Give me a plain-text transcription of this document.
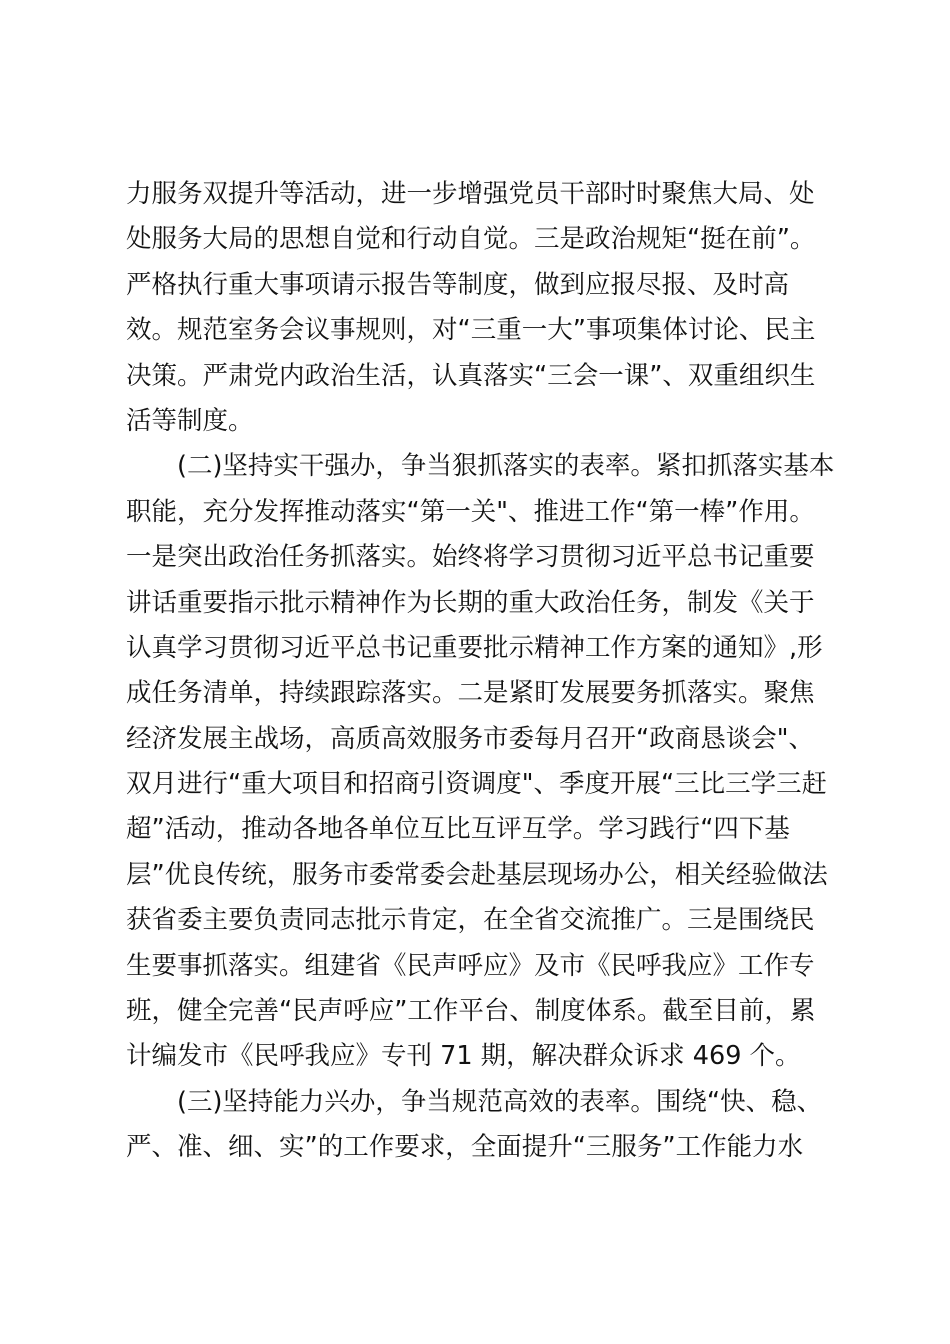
力服务双提升等活动，进一步增强党员干部时时聚焦大局、处
处服务大局的思想自觉和行动自觉。三是政治规矩“挺在前”。
严格执行重大事项请示报告等制度，做到应报尽报、及时高
效。规范室务会议事规则，对“三重一大”事项集体讨论、民主
决策。严肃党内政治生活，认真落实“三会一课”、双重组织生
活等制度。
(二)坚持实干强办，争当狠抓落实的表率。紧扣抓落实基本
职能，充分发挥推动落实“第一关"、推进工作“第一棒”作用。
一是突出政治任务抓落实。始终将学习贯彻习近平总书记重要
讲话重要指示批示精神作为长期的重大政治任务，制发《关于
认真学习贯彻习近平总书记重要批示精神工作方案的通知》,形
成任务清单，持续跟踪落实。二是紧盯发展要务抓落实。聚焦
经济发展主战场，高质高效服务市委每月召开“政商恳谈会"、
双月进行“重大项目和招商引资调度"、季度开展“三比三学三赶
超”活动，推动各地各单位互比互评互学。学习践行“四下基
层”优良传统，服务市委常委会赴基层现场办公，相关经验做法
获省委主要负责同志批示肯定，在全省交流推广。三是围绕民
生要事抓落实。组建省《民声呼应》及市《民呼我应》工作专
班，健全完善“民声呼应”工作平台、制度体系。截至目前，累
计编发市《民呼我应》专刊 71 期，解决群众诉求 469 个。
(三)坚持能力兴办，争当规范高效的表率。围绕“快、稳、
严、准、细、实”的工作要求，全面提升“三服务”工作能力水
